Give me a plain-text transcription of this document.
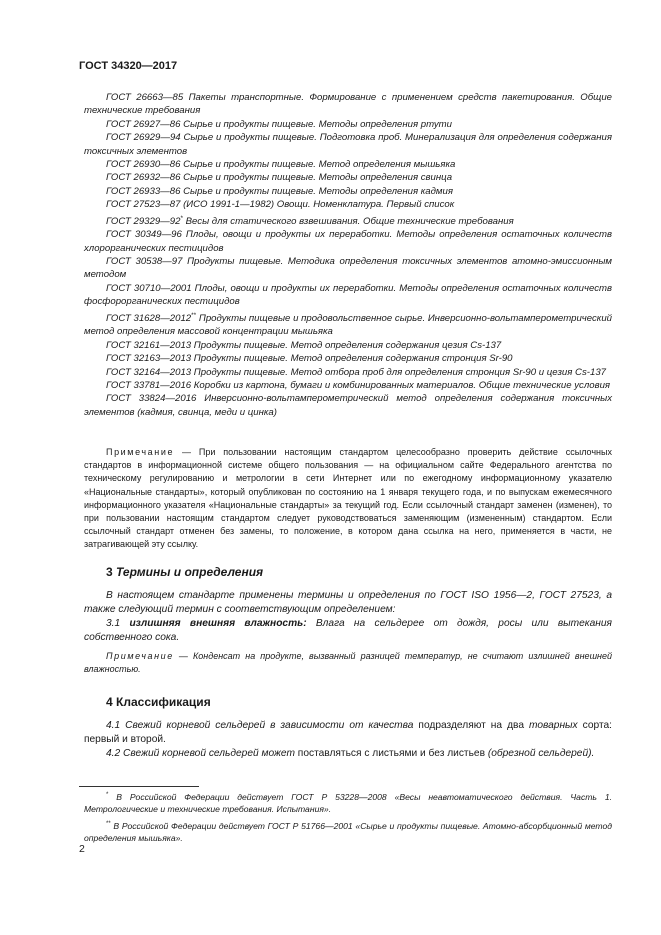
ГОСТ 34320—2017

ГОСТ 26663—85 Пакеты транспортные. Формирование с применением средств пакетирования. Общие технические требования

ГОСТ 26927—86 Сырье и продукты пищевые. Методы определения ртути

ГОСТ 26929—94 Сырье и продукты пищевые. Подготовка проб. Минерализация для определения содержания токсичных элементов

ГОСТ 26930—86 Сырье и продукты пищевые. Метод определения мышьяка

ГОСТ 26932—86 Сырье и продукты пищевые. Методы определения свинца

ГОСТ 26933—86 Сырье и продукты пищевые. Методы определения кадмия

ГОСТ 27523—87 (ИСО 1991-1—1982) Овощи. Номенклатура. Первый список

ГОСТ 29329—92* Весы для статического взвешивания. Общие технические требования

ГОСТ 30349—96 Плоды, овощи и продукты их переработки. Методы определения остаточных количеств хлорорганических пестицидов

ГОСТ 30538—97 Продукты пищевые. Методика определения токсичных элементов атомно-эмиссионным методом

ГОСТ 30710—2001 Плоды, овощи и продукты их переработки. Методы определения остаточных количеств фосфорорганических пестицидов

ГОСТ 31628—2012** Продукты пищевые и продовольственное сырье. Инверсионно-вольтамперометрический метод определения массовой концентрации мышьяка

ГОСТ 32161—2013 Продукты пищевые. Метод определения содержания цезия Cs-137

ГОСТ 32163—2013 Продукты пищевые. Метод определения содержания стронция Sr-90

ГОСТ 32164—2013 Продукты пищевые. Метод отбора проб для определения стронция Sr-90 и цезия Cs-137

ГОСТ 33781—2016 Коробки из картона, бумаги и комбинированных материалов. Общие технические условия

ГОСТ 33824—2016 Инверсионно-вольтамперометрический метод определения содержания токсичных элементов (кадмия, свинца, меди и цинка)

Примечание — При пользовании настоящим стандартом целесообразно проверить действие ссылочных стандартов в информационной системе общего пользования — на официальном сайте Федерального агентства по техническому регулированию и метрологии в сети Интернет или по ежегодному информационному указателю «Национальные стандарты», который опубликован по состоянию на 1 января текущего года, и по выпускам ежемесячного информационного указателя «Национальные стандарты» за текущий год. Если ссылочный стандарт заменен (изменен), то при пользовании настоящим стандартом следует руководствоваться заменяющим (измененным) стандартом. Если ссылочный стандарт отменен без замены, то положение, в котором дана ссылка на него, применяется в части, не затрагивающей эту ссылку.

3 Термины и определения

В настоящем стандарте применены термины и определения по ГОСТ ISO 1956—2, ГОСТ 27523, а также следующий термин с соответствующим определением:

3.1 излишняя внешняя влажность: Влага на сельдерее от дождя, росы или вытекания собственного сока.

Примечание — Конденсат на продукте, вызванный разницей температур, не считают излишней внешней влажностью.

4 Классификация

4.1 Свежий корневой сельдерей в зависимости от качества подразделяют на два товарных сорта: первый и второй.

4.2 Свежий корневой сельдерей может поставляться с листьями и без листьев (обрезной сельдерей).

* В Российской Федерации действует ГОСТ Р 53228—2008 «Весы неавтоматического действия. Часть 1. Метрологические и технические требования. Испытания».

** В Российской Федерации действует ГОСТ Р 51766—2001 «Сырье и продукты пищевые. Атомно-абсорбционный метод определения мышьяка».

2
